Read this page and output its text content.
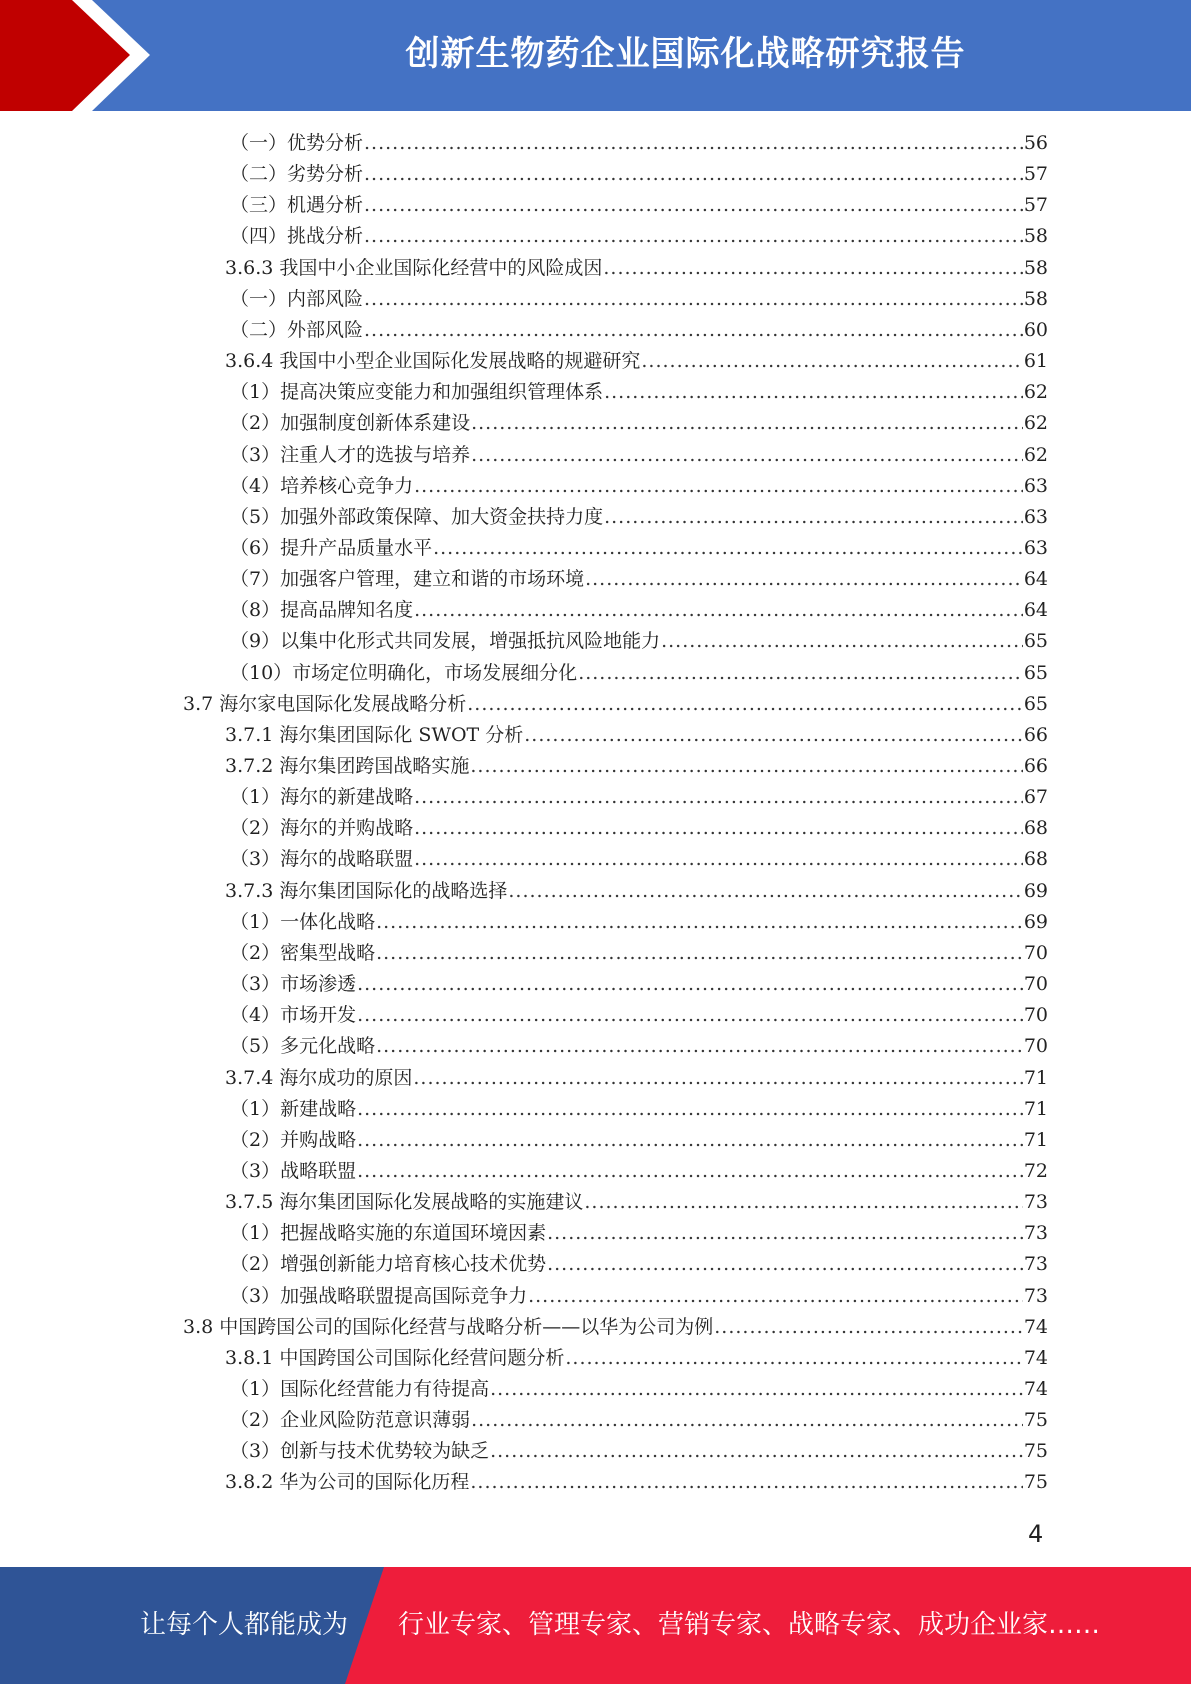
创新生物药企业国际化战略研究报告
（一）优势分析 .....	56
（二）劣势分析 .....	57
（三）机遇分析 .....	57
（四）挑战分析 .....	58
3.6.3 我国中小企业国际化经营中的风险成因 .....	58
（一）内部风险 .....	58
（二）外部风险 .....	60
3.6.4 我国中小型企业国际化发展战略的规避研究 .....	61
（1）提高决策应变能力和加强组织管理体系 .....	62
（2）加强制度创新体系建设 .....	62
（3）注重人才的选拔与培养 .....	62
（4）培养核心竞争力 .....	63
（5）加强外部政策保障、加大资金扶持力度 .....	63
（6）提升产品质量水平 .....	63
（7）加强客户管理，建立和谐的市场环境 .....	64
（8）提高品牌知名度 .....	64
（9）以集中化形式共同发展，增强抵抗风险地能力 .....	65
（10）市场定位明确化，市场发展细分化 .....	65
3.7 海尔家电国际化发展战略分析 .....	65
3.7.1 海尔集团国际化 SWOT 分析 .....	66
3.7.2 海尔集团跨国战略实施 .....	66
（1）海尔的新建战略 .....	67
（2）海尔的并购战略 .....	68
（3）海尔的战略联盟 .....	68
3.7.3 海尔集团国际化的战略选择 .....	69
（1）一体化战略 .....	69
（2）密集型战略 .....	70
（3）市场渗透 .....	70
（4）市场开发 .....	70
（5）多元化战略 .....	70
3.7.4 海尔成功的原因 .....	71
（1）新建战略 .....	71
（2）并购战略 .....	71
（3）战略联盟 .....	72
3.7.5 海尔集团国际化发展战略的实施建议 .....	73
（1）把握战略实施的东道国环境因素 .....	73
（2）增强创新能力培育核心技术优势 .....	73
（3）加强战略联盟提高国际竞争力 .....	73
3.8 中国跨国公司的国际化经营与战略分析——以华为公司为例 .....	74
3.8.1 中国跨国公司国际化经营问题分析 .....	74
（1）国际化经营能力有待提高 .....	74
（2）企业风险防范意识薄弱 .....	75
（3）创新与技术优势较为缺乏 .....	75
3.8.2 华为公司的国际化历程 .....	75
4
让每个人都能成为 行业专家、管理专家、营销专家、战略专家、成功企业家……
